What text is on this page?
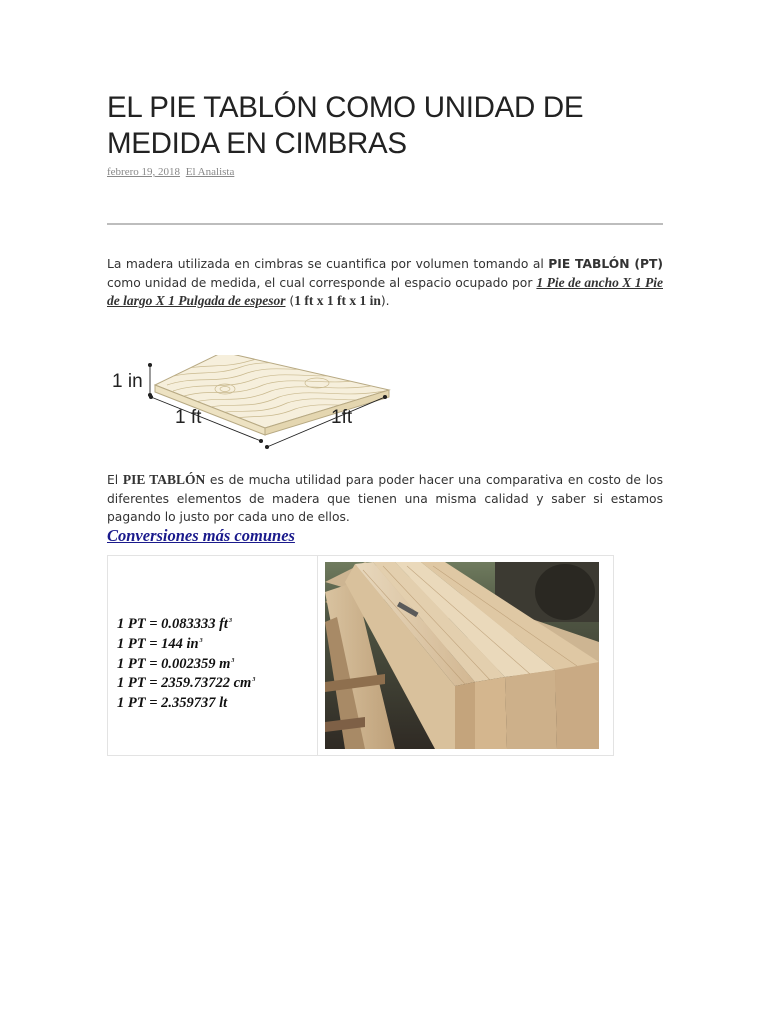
EL PIE TABLÓN COMO UNIDAD DE MEDIDA EN CIMBRAS
febrero 19, 2018 El Analista

La madera utilizada en cimbras se cuantifica por volumen tomando al PIE TABLÓN (PT) como unidad de medida, el cual corresponde al espacio ocupado por 1 Pie de ancho X 1 Pie de largo X 1 Pulgada de espesor (1 ft x 1 ft x 1 in).

1 in
1 ft	1ft

El PIE TABLÓN es de mucha utilidad para poder hacer una comparativa en costo de los diferentes elementos de madera que tienen una misma calidad y saber si estamos pagando lo justo por cada uno de ellos.

Conversiones más comunes
1 PT = 0.083333 $ft^3$
1 PT = 144 $in^3$
1 PT = 0.002359 $m^3$
1 PT = 2359.73722 $cm^3$
1 PT = 2.359737 lt
